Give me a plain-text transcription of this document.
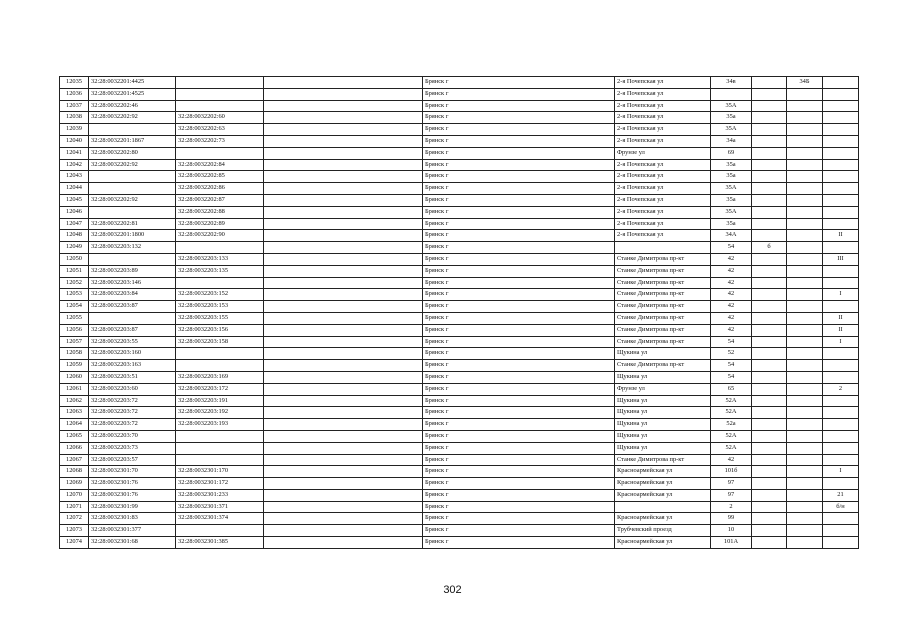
12035	32:28:0032201:4425			Брянск г	2-я Почепская ул	34в		34Б	
12036	32:28:0032201:4525			Брянск г	2-я Почепская ул				
12037	32:28:0032202:46			Брянск г	2-я Почепская ул	35А			
12038	32:28:0032202:92	32:28:0032202:60		Брянск г	2-я Почепская ул	35а			
12039		32:28:0032202:63		Брянск г	2-я Почепская ул	35А			
12040	32:28:0032201:1867	32:28:0032202:73		Брянск г	2-я Почепская ул	34а			
12041	32:28:0032202:80			Брянск г	Фрунзе ул	69			
12042	32:28:0032202:92	32:28:0032202:84		Брянск г	2-я Почепская ул	35а			
12043		32:28:0032202:85		Брянск г	2-я Почепская ул	35а			
12044		32:28:0032202:86		Брянск г	2-я Почепская ул	35А			
12045	32:28:0032202:92	32:28:0032202:87		Брянск г	2-я Почепская ул	35а			
12046		32:28:0032202:88		Брянск г	2-я Почепская ул	35А			
12047	32:28:0032202:81	32:28:0032202:89		Брянск г	2-я Почепская ул	35а			
12048	32:28:0032201:1800	32:28:0032202:90		Брянск г	2-я Почепская ул	34А			II
12049	32:28:0032203:132			Брянск г		54	б		
12050		32:28:0032203:133		Брянск г	Станке Димитрова пр-кт	42			III
12051	32:28:0032203:89	32:28:0032203:135		Брянск г	Станке Димитрова пр-кт	42			
12052	32:28:0032203:146			Брянск г	Станке Димитрова пр-кт	42			
12053	32:28:0032203:84	32:28:0032203:152		Брянск г	Станке Димитрова пр-кт	42			I
12054	32:28:0032203:87	32:28:0032203:153		Брянск г	Станке Димитрова пр-кт	42			
12055		32:28:0032203:155		Брянск г	Станке Димитрова пр-кт	42			II
12056	32:28:0032203:87	32:28:0032203:156		Брянск г	Станке Димитрова пр-кт	42			II
12057	32:28:0032203:55	32:28:0032203:158		Брянск г	Станке Димитрова пр-кт	54			I
12058	32:28:0032203:160			Брянск г	Щукина ул	52			
12059	32:28:0032203:163			Брянск г	Станке Димитрова пр-кт	54			
12060	32:28:0032203:51	32:28:0032203:169		Брянск г	Щукина ул	54			
12061	32:28:0032203:60	32:28:0032203:172		Брянск г	Фрунзе ул	65			2
12062	32:28:0032203:72	32:28:0032203:191		Брянск г	Щукина ул	52А			
12063	32:28:0032203:72	32:28:0032203:192		Брянск г	Щукина ул	52А			
12064	32:28:0032203:72	32:28:0032203:193		Брянск г	Щукина ул	52а			
12065	32:28:0032203:70			Брянск г	Щукина ул	52А			
12066	32:28:0032203:73			Брянск г	Щукина ул	52А			
12067	32:28:0032203:57			Брянск г	Станке Димитрова пр-кт	42			
12068	32:28:0032301:70	32:28:0032301:170		Брянск г	Красноармейская ул	101б			I
12069	32:28:0032301:76	32:28:0032301:172		Брянск г	Красноармейская ул	97			
12070	32:28:0032301:76	32:28:0032301:233		Брянск г	Красноармейская ул	97			21
12071	32:28:0032301:99	32:28:0032301:371		Брянск г		2			б/н
12072	32:28:0032301:83	32:28:0032301:374		Брянск г	Красноармейская ул	99			
12073	32:28:0032301:377			Брянск г	Трубчевский проезд	10			
12074	32:28:0032301:68	32:28:0032301:385		Брянск г	Красноармейская ул	101А			
302
